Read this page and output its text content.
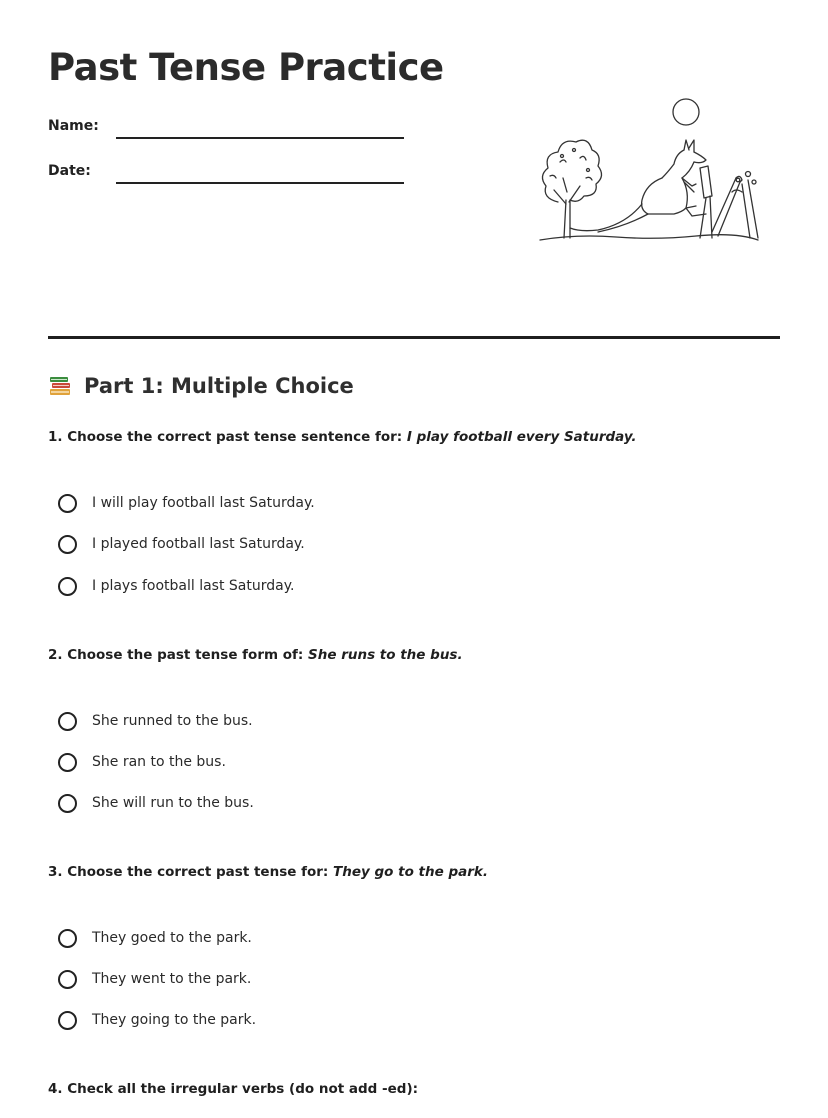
Past Tense Practice
Name:
Date:
Part 1: Multiple Choice
1. Choose the correct past tense sentence for: I play football every Saturday.
I will play football last Saturday.
I played football last Saturday.
I plays football last Saturday.
2. Choose the past tense form of: She runs to the bus.
She runned to the bus.
She ran to the bus.
She will run to the bus.
3. Choose the correct past tense for: They go to the park.
They goed to the park.
They went to the park.
They going to the park.
4. Check all the irregular verbs (do not add -ed):
